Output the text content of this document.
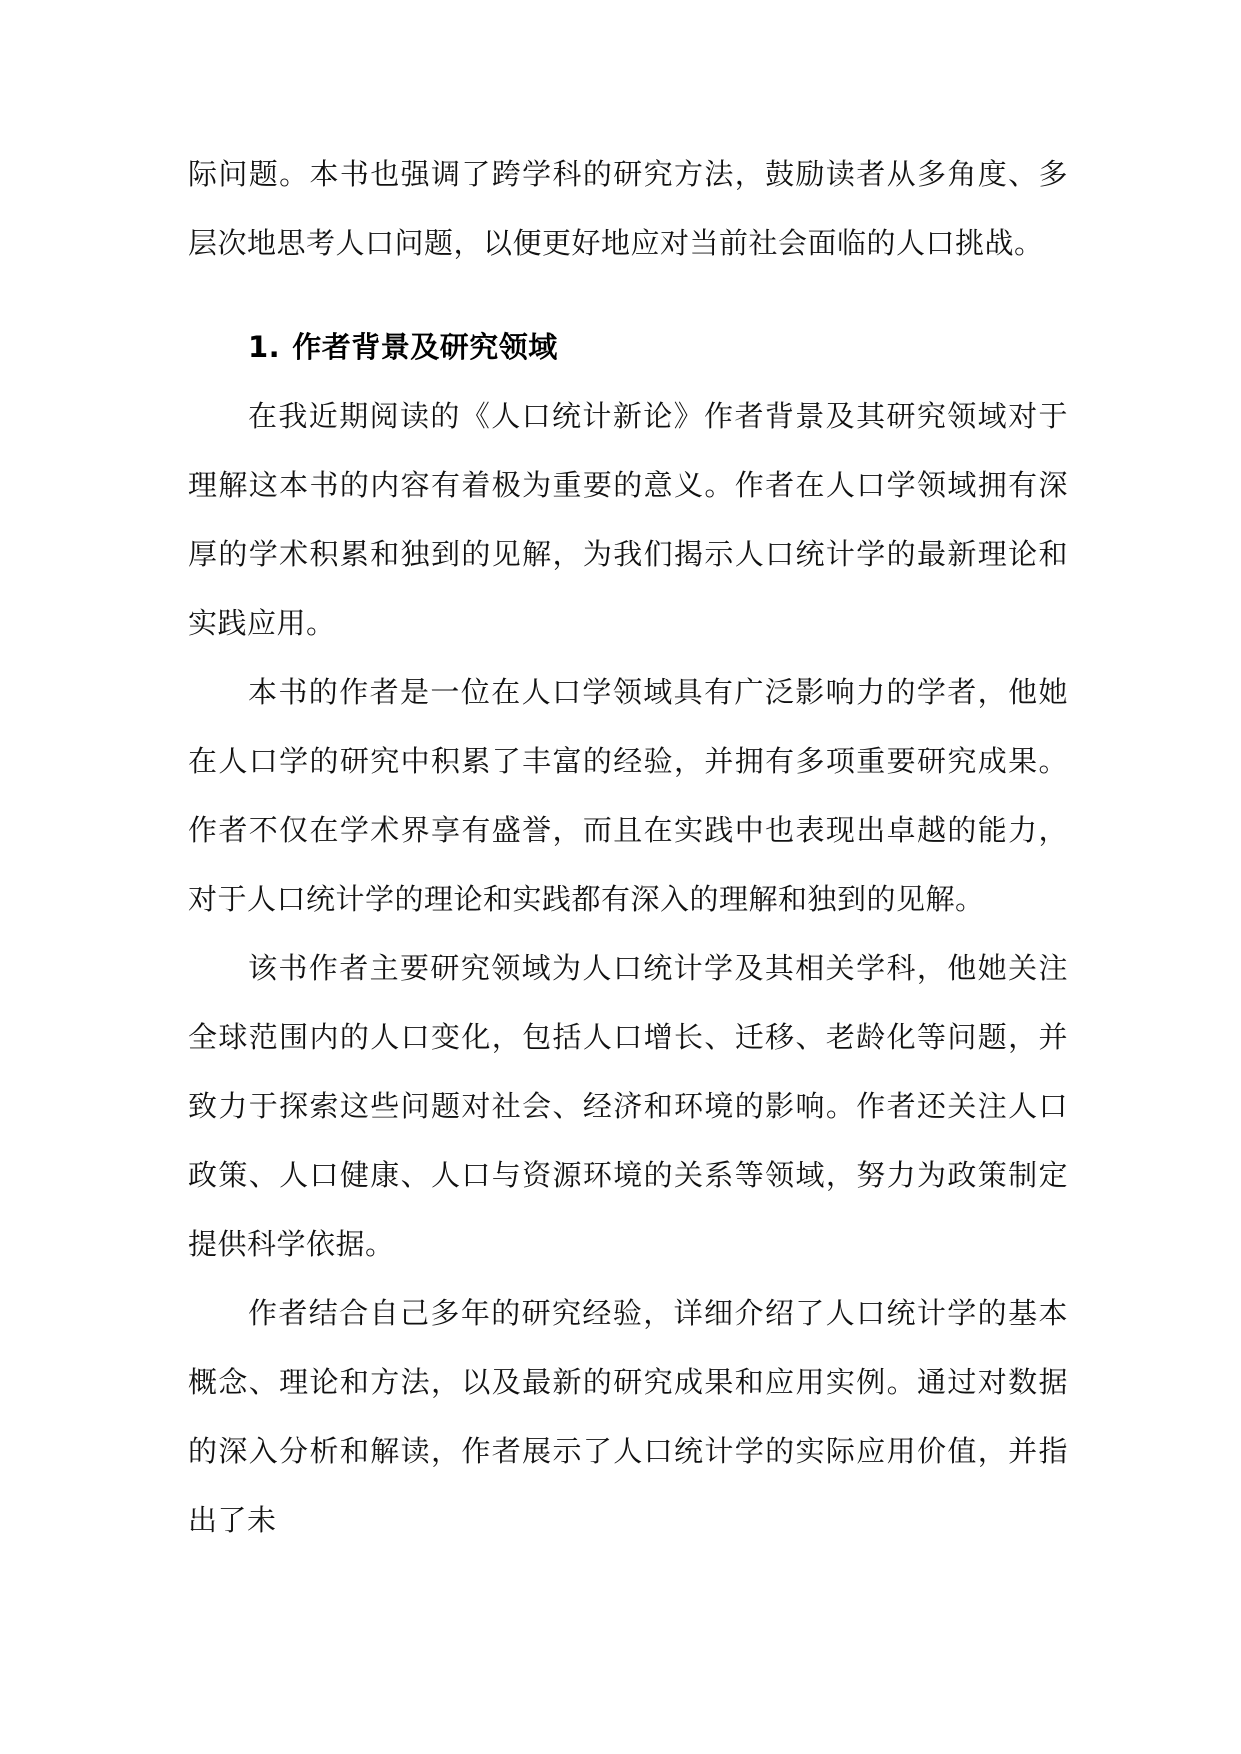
际问题。本书也强调了跨学科的研究方法，鼓励读者从多角度、多层次地思考人口问题，以便更好地应对当前社会面临的人口挑战。

1. 作者背景及研究领域

在我近期阅读的《人口统计新论》作者背景及其研究领域对于理解这本书的内容有着极为重要的意义。作者在人口学领域拥有深厚的学术积累和独到的见解，为我们揭示人口统计学的最新理论和实践应用。

本书的作者是一位在人口学领域具有广泛影响力的学者，他她在人口学的研究中积累了丰富的经验，并拥有多项重要研究成果。作者不仅在学术界享有盛誉，而且在实践中也表现出卓越的能力，对于人口统计学的理论和实践都有深入的理解和独到的见解。

该书作者主要研究领域为人口统计学及其相关学科，他她关注全球范围内的人口变化，包括人口增长、迁移、老龄化等问题，并致力于探索这些问题对社会、经济和环境的影响。作者还关注人口政策、人口健康、人口与资源环境的关系等领域，努力为政策制定提供科学依据。

作者结合自己多年的研究经验，详细介绍了人口统计学的基本概念、理论和方法，以及最新的研究成果和应用实例。通过对数据的深入分析和解读，作者展示了人口统计学的实际应用价值，并指出了未
